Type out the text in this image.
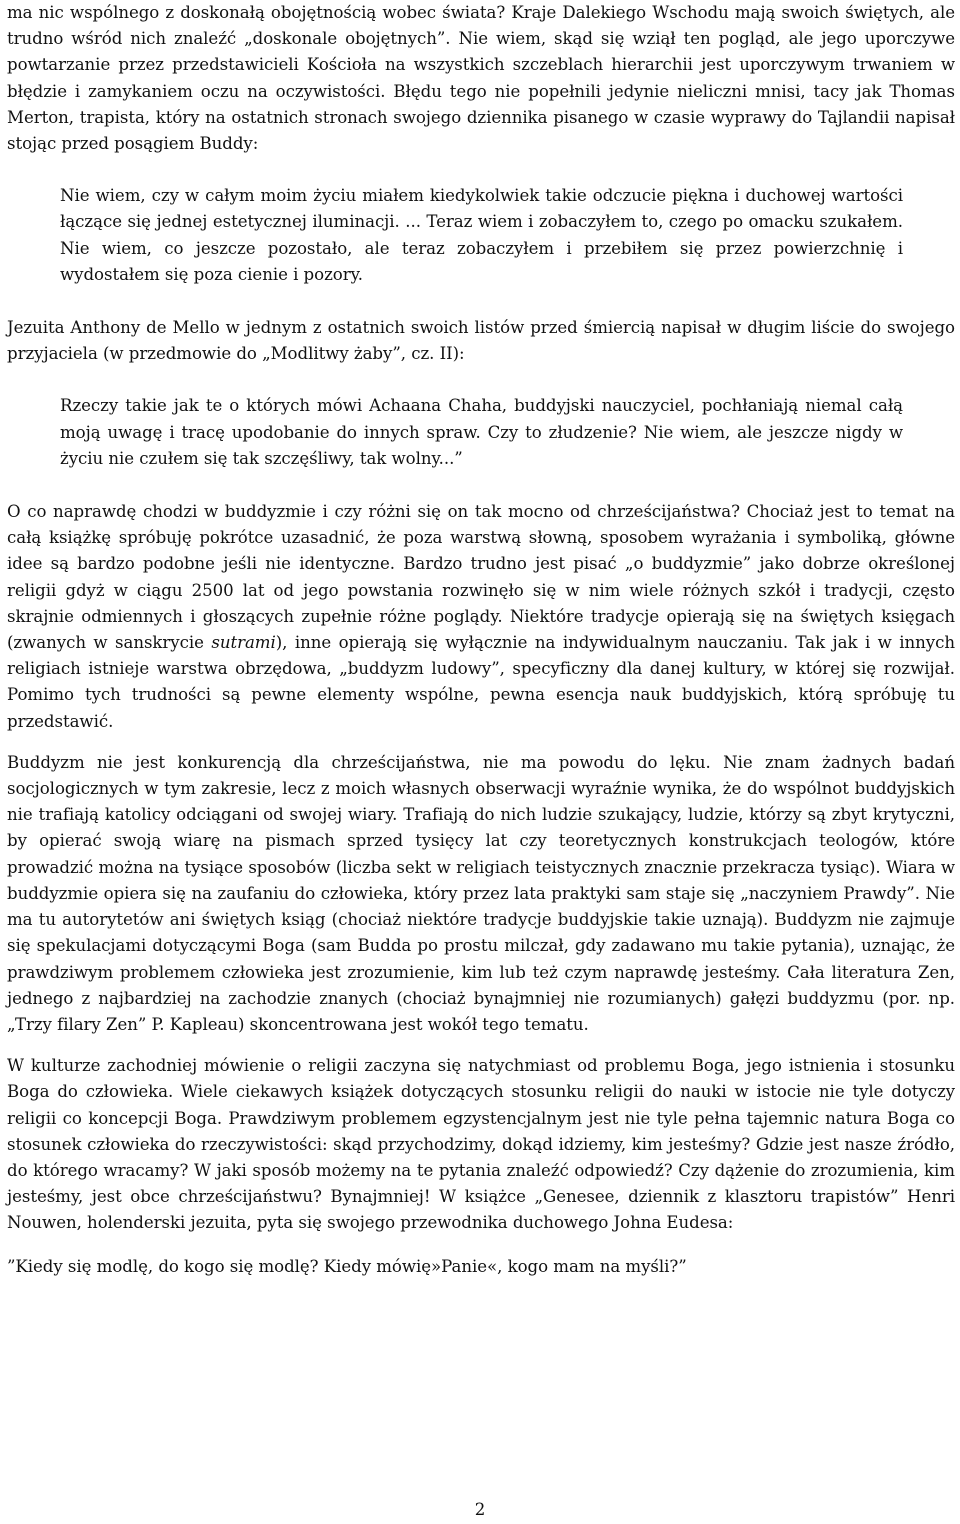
ma nic wspólnego z doskonałą obojętnością wobec świata? Kraje Dalekiego Wschodu mają swoich świętych, ale trudno wśród nich znaleźć „doskonale obojętnych”. Nie wiem, skąd się wziął ten pogląd, ale jego uporczywe powtarzanie przez przedstawicieli Kościoła na wszystkich szczeblach hierarchii jest uporczywym trwaniem w błędzie i zamykaniem oczu na oczywistości. Błędu tego nie popełnili jedynie nieliczni mnisi, tacy jak Thomas Merton, trapista, który na ostatnich stronach swojego dziennika pisanego w czasie wyprawy do Tajlandii napisał stojąc przed posągiem Buddy:

Nie wiem, czy w całym moim życiu miałem kiedykolwiek takie odczucie piękna i duchowej wartości łączące się jednej estetycznej iluminacji. ... Teraz wiem i zobaczyłem to, czego po omacku szukałem. Nie wiem, co jeszcze pozostało, ale teraz zobaczyłem i przebiłem się przez powierzchnię i wydostałem się poza cienie i pozory.

Jezuita Anthony de Mello w jednym z ostatnich swoich listów przed śmiercią napisał w długim liście do swojego przyjaciela (w przedmowie do „Modlitwy żaby”, cz. II):

Rzeczy takie jak te o których mówi Achaana Chaha, buddyjski nauczyciel, pochłaniają niemal całą moją uwagę i tracę upodobanie do innych spraw. Czy to złudzenie? Nie wiem, ale jeszcze nigdy w życiu nie czułem się tak szczęśliwy, tak wolny...”

O co naprawdę chodzi w buddyzmie i czy różni się on tak mocno od chrześcijaństwa? Chociaż jest to temat na całą książkę spróbuję pokrótce uzasadnić, że poza warstwą słowną, sposobem wyrażania i symboliką, główne idee są bardzo podobne jeśli nie identyczne. Bardzo trudno jest pisać „o buddyzmie” jako dobrze określonej religii gdyż w ciągu 2500 lat od jego powstania rozwinęło się w nim wiele różnych szkół i tradycji, często skrajnie odmiennych i głoszących zupełnie różne poglądy. Niektóre tradycje opierają się na świętych księgach (zwanych w sanskrycie sutrami), inne opierają się wyłącznie na indywidualnym nauczaniu. Tak jak i w innych religiach istnieje warstwa obrzędowa, „buddyzm ludowy”, specyficzny dla danej kultury, w której się rozwijał. Pomimo tych trudności są pewne elementy wspólne, pewna esencja nauk buddyjskich, którą spróbuję tu przedstawić.

Buddyzm nie jest konkurencją dla chrześcijaństwa, nie ma powodu do lęku. Nie znam żadnych badań socjologicznych w tym zakresie, lecz z moich własnych obserwacji wyraźnie wynika, że do wspólnot buddyjskich nie trafiają katolicy odciągani od swojej wiary. Trafiają do nich ludzie szukający, ludzie, którzy są zbyt krytyczni, by opierać swoją wiarę na pismach sprzed tysięcy lat czy teoretycznych konstrukcjach teologów, które prowadzić można na tysiące sposobów (liczba sekt w religiach teistycznych znacznie przekracza tysiąc). Wiara w buddyzmie opiera się na zaufaniu do człowieka, który przez lata praktyki sam staje się „naczyniem Prawdy”. Nie ma tu autorytetów ani świętych ksiąg (chociaż niektóre tradycje buddyjskie takie uznają). Buddyzm nie zajmuje się spekulacjami dotyczącymi Boga (sam Budda po prostu milczał, gdy zadawano mu takie pytania), uznając, że prawdziwym problemem człowieka jest zrozumienie, kim lub też czym naprawdę jesteśmy. Cała literatura Zen, jednego z najbardziej na zachodzie znanych (chociaż bynajmniej nie rozumianych) gałęzi buddyzmu (por. np. „Trzy filary Zen” P. Kapleau) skoncentrowana jest wokół tego tematu.

W kulturze zachodniej mówienie o religii zaczyna się natychmiast od problemu Boga, jego istnienia i stosunku Boga do człowieka. Wiele ciekawych książek dotyczących stosunku religii do nauki w istocie nie tyle dotyczy religii co koncepcji Boga. Prawdziwym problemem egzystencjalnym jest nie tyle pełna tajemnic natura Boga co stosunek człowieka do rzeczywistości: skąd przychodzimy, dokąd idziemy, kim jesteśmy? Gdzie jest nasze źródło, do którego wracamy? W jaki sposób możemy na te pytania znaleźć odpowiedź? Czy dążenie do zrozumienia, kim jesteśmy, jest obce chrześcijaństwu? Bynajmniej! W książce „Genesee, dziennik z klasztoru trapistów” Henri Nouwen, holenderski jezuita, pyta się swojego przewodnika duchowego Johna Eudesa:

”Kiedy się modlę, do kogo się modlę? Kiedy mówię»Panie«, kogo mam na myśli?”

2
